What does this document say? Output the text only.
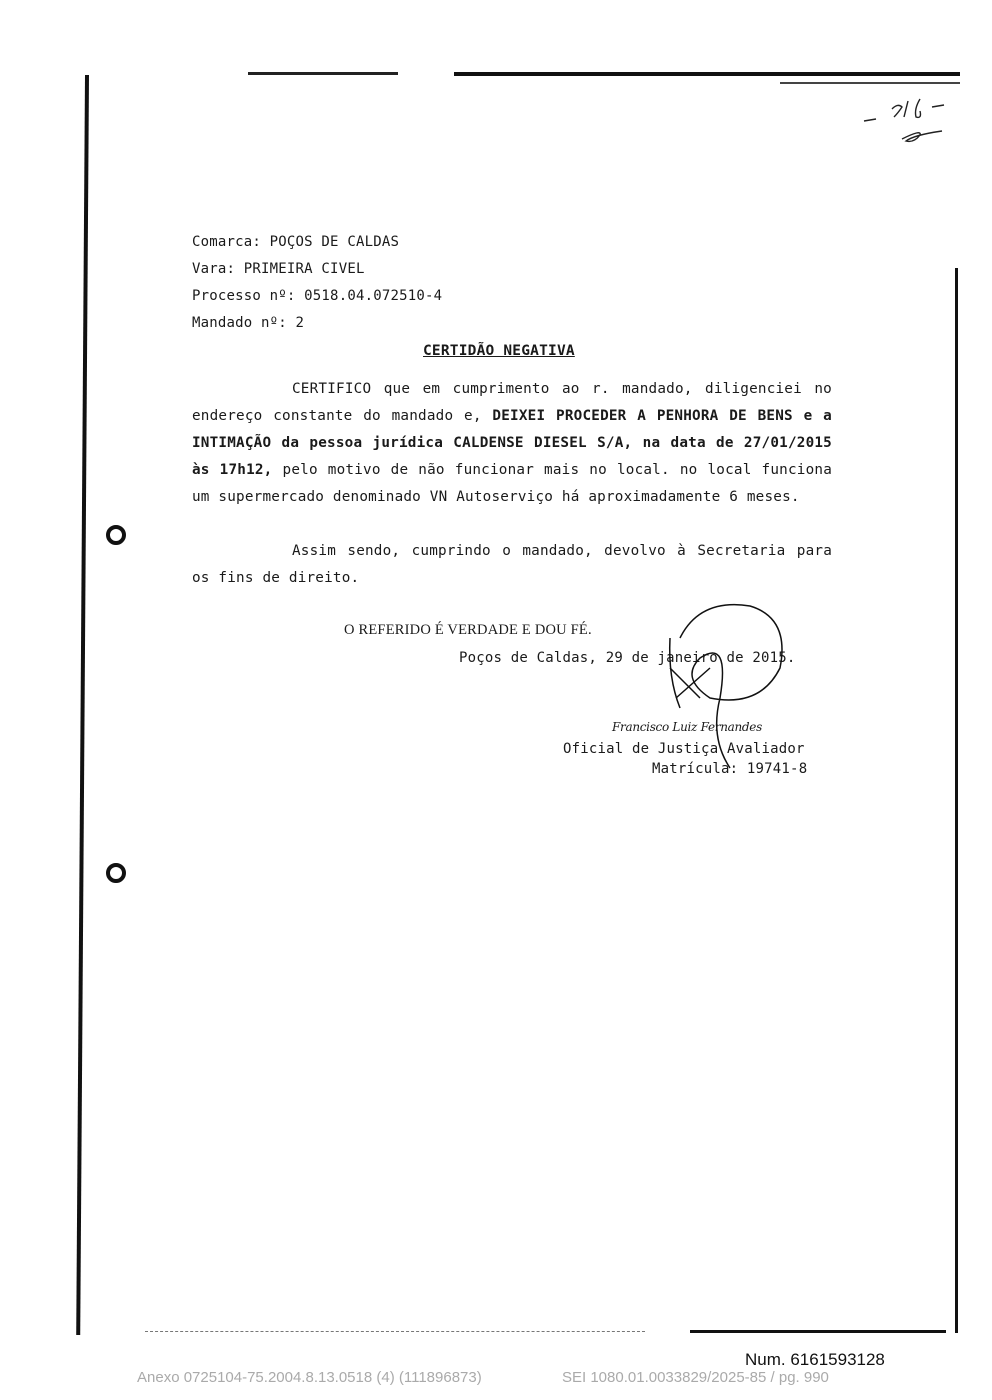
Comarca: POÇOS DE CALDAS
Vara: PRIMEIRA CIVEL
Processo nº: 0518.04.072510-4
Mandado nº: 2
CERTIDÃO NEGATIVA
CERTIFICO que em cumprimento ao r. mandado, diligenciei no endereço constante do mandado e, DEIXEI PROCEDER A PENHORA DE BENS e a INTIMAÇÃO da pessoa jurídica CALDENSE DIESEL S/A, na data de 27/01/2015 às 17h12, pelo motivo de não funcionar mais no local. no local funciona um supermercado denominado VN Autoserviço há aproximadamente 6 meses.
Assim sendo, cumprindo o mandado, devolvo à Secretaria para os fins de direito.
O REFERIDO É VERDADE E DOU FÉ.
Poços de Caldas, 29 de janeiro de 2015.
Francisco Luiz Fernandes
Oficial de Justiça Avaliador
Matrícula: 19741-8
Num. 6161593128
Anexo 0725104-75.2004.8.13.0518 (4) (111896873)	SEI 1080.01.0033829/2025-85 / pg. 990
